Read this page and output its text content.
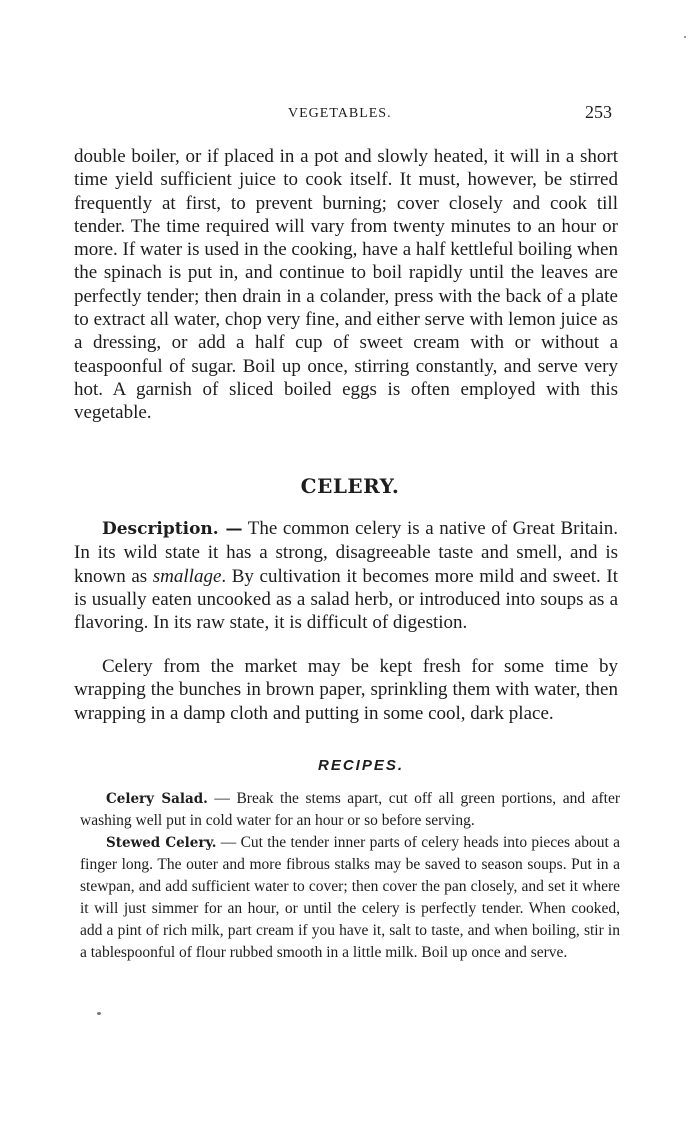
VEGETABLES.	253

double boiler, or if placed in a pot and slowly heated, it will in a short time yield sufficient juice to cook itself. It must, however, be stirred frequently at first, to prevent burning; cover closely and cook till tender. The time required will vary from twenty minutes to an hour or more. If water is used in the cooking, have a half kettleful boiling when the spinach is put in, and continue to boil rapidly until the leaves are perfectly tender; then drain in a colander, press with the back of a plate to extract all water, chop very fine, and either serve with lemon juice as a dressing, or add a half cup of sweet cream with or without a teaspoonful of sugar. Boil up once, stirring constantly, and serve very hot. A garnish of sliced boiled eggs is often employed with this vegetable.

CELERY.

Description. — The common celery is a native of Great Britain. In its wild state it has a strong, disagreeable taste and smell, and is known as smallage. By cultivation it becomes more mild and sweet. It is usually eaten uncooked as a salad herb, or introduced into soups as a flavoring. In its raw state, it is difficult of digestion.

Celery from the market may be kept fresh for some time by wrapping the bunches in brown paper, sprinkling them with water, then wrapping in a damp cloth and putting in some cool, dark place.

RECIPES.

Celery Salad. — Break the stems apart, cut off all green portions, and after washing well put in cold water for an hour or so before serving.

Stewed Celery. — Cut the tender inner parts of celery heads into pieces about a finger long. The outer and more fibrous stalks may be saved to season soups. Put in a stewpan, and add sufficient water to cover; then cover the pan closely, and set it where it will just simmer for an hour, or until the celery is perfectly tender. When cooked, add a pint of rich milk, part cream if you have it, salt to taste, and when boiling, stir in a tablespoonful of flour rubbed smooth in a little milk. Boil up once and serve.
